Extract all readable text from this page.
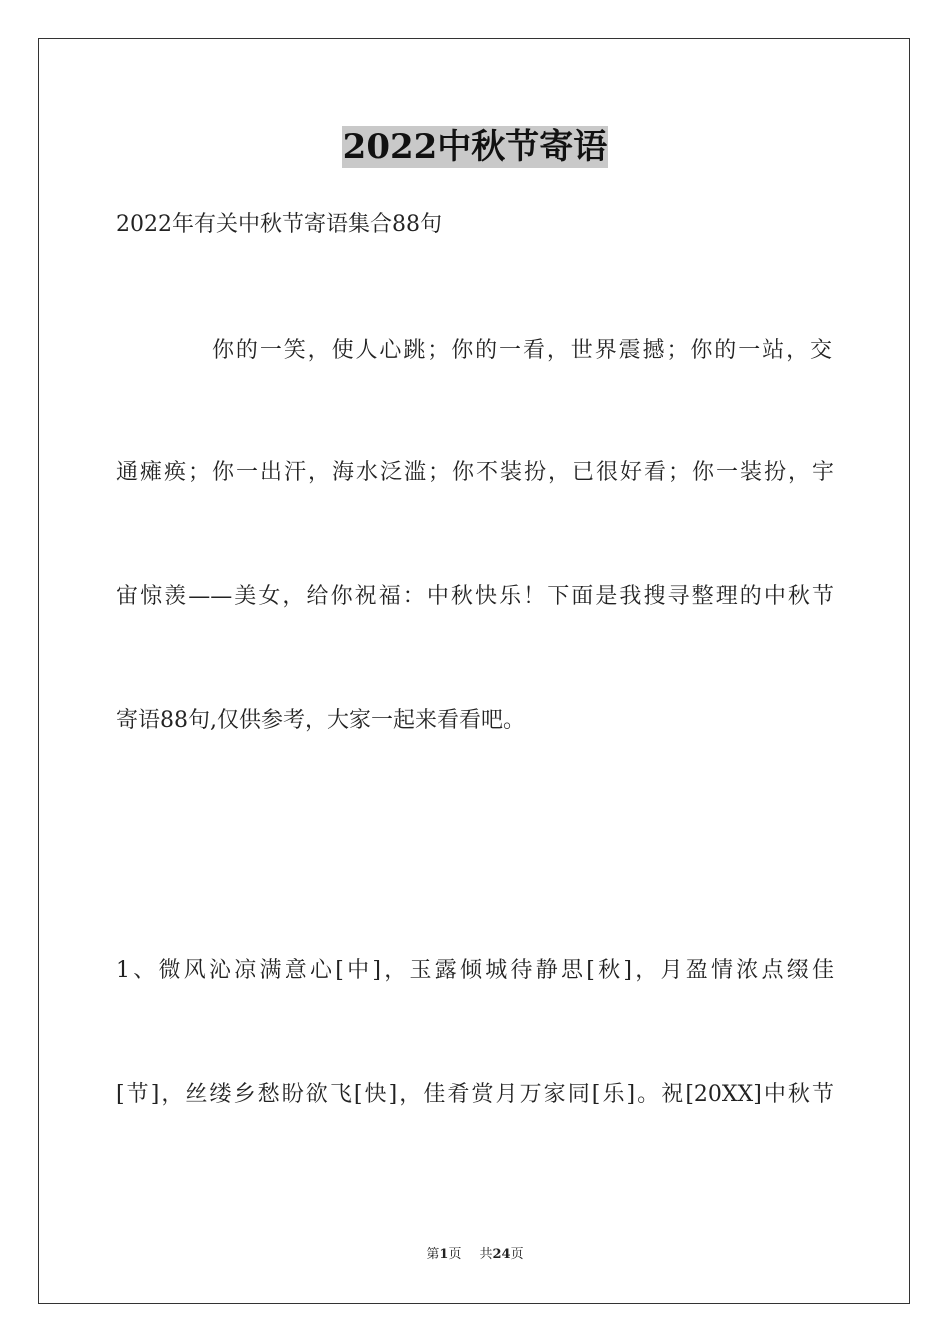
2022中秋节寄语
2022年有关中秋节寄语集合88句
你的一笑，使人心跳；你的一看，世界震撼；你的一站，交
通瘫痪；你一出汗，海水泛滥；你不装扮，已很好看；你一装扮，宇
宙惊羡——美女，给你祝福：中秋快乐！下面是我搜寻整理的中秋节
寄语88句,仅供参考，大家一起来看看吧。
1、微风沁凉满意心[中]，玉露倾城待静思[秋]，月盈情浓点缀佳
[节]，丝缕乡愁盼欲飞[快]，佳肴赏月万家同[乐]。祝[20XX]中秋节
第1页 共24页
